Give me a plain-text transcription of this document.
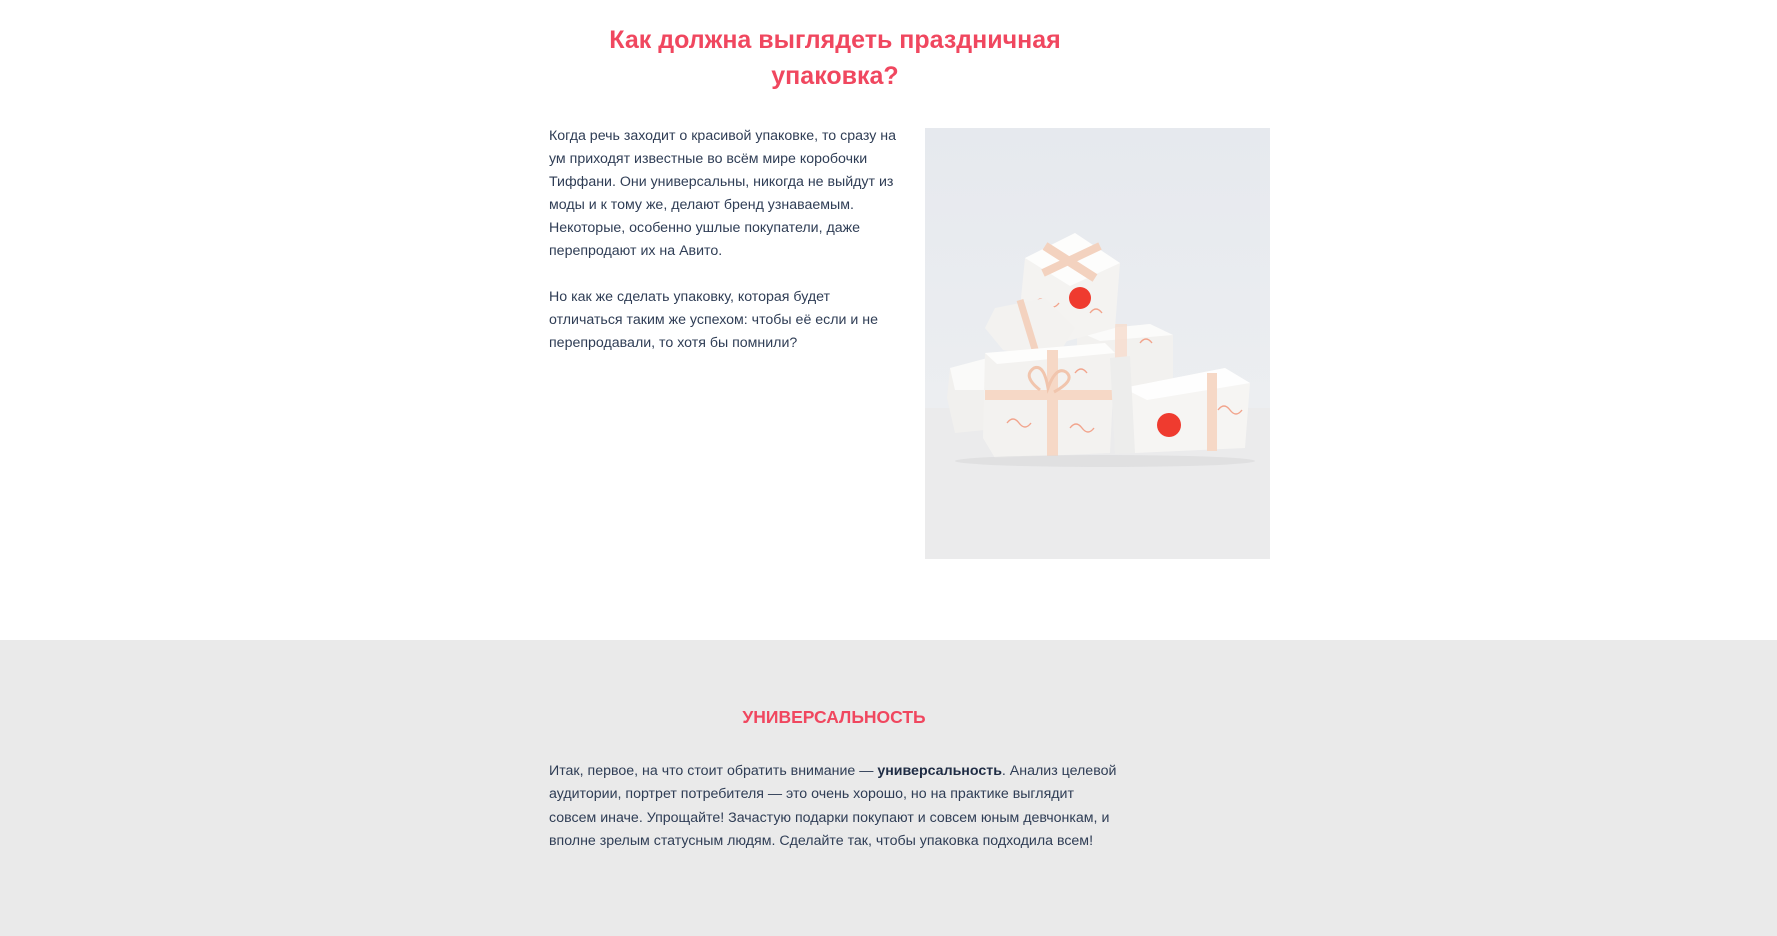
Как должна выглядеть праздничная упаковка?

Когда речь заходит о красивой упаковке, то сразу на ум приходят известные во всём мире коробочки Тиффани. Они универсальны, никогда не выйдут из моды и к тому же, делают бренд узнаваемым. Некоторые, особенно ушлые покупатели, даже перепродают их на Авито.

Но как же сделать упаковку, которая будет отличаться таким же успехом: чтобы её если и не перепродавали, то хотя бы помнили?

УНИВЕРСАЛЬНОСТЬ

Итак, первое, на что стоит обратить внимание — универсальность. Анализ целевой аудитории, портрет потребителя — это очень хорошо, но на практике выглядит совсем иначе. Упрощайте! Зачастую подарки покупают и совсем юным девчонкам, и вполне зрелым статусным людям. Сделайте так, чтобы упаковка подходила всем!
